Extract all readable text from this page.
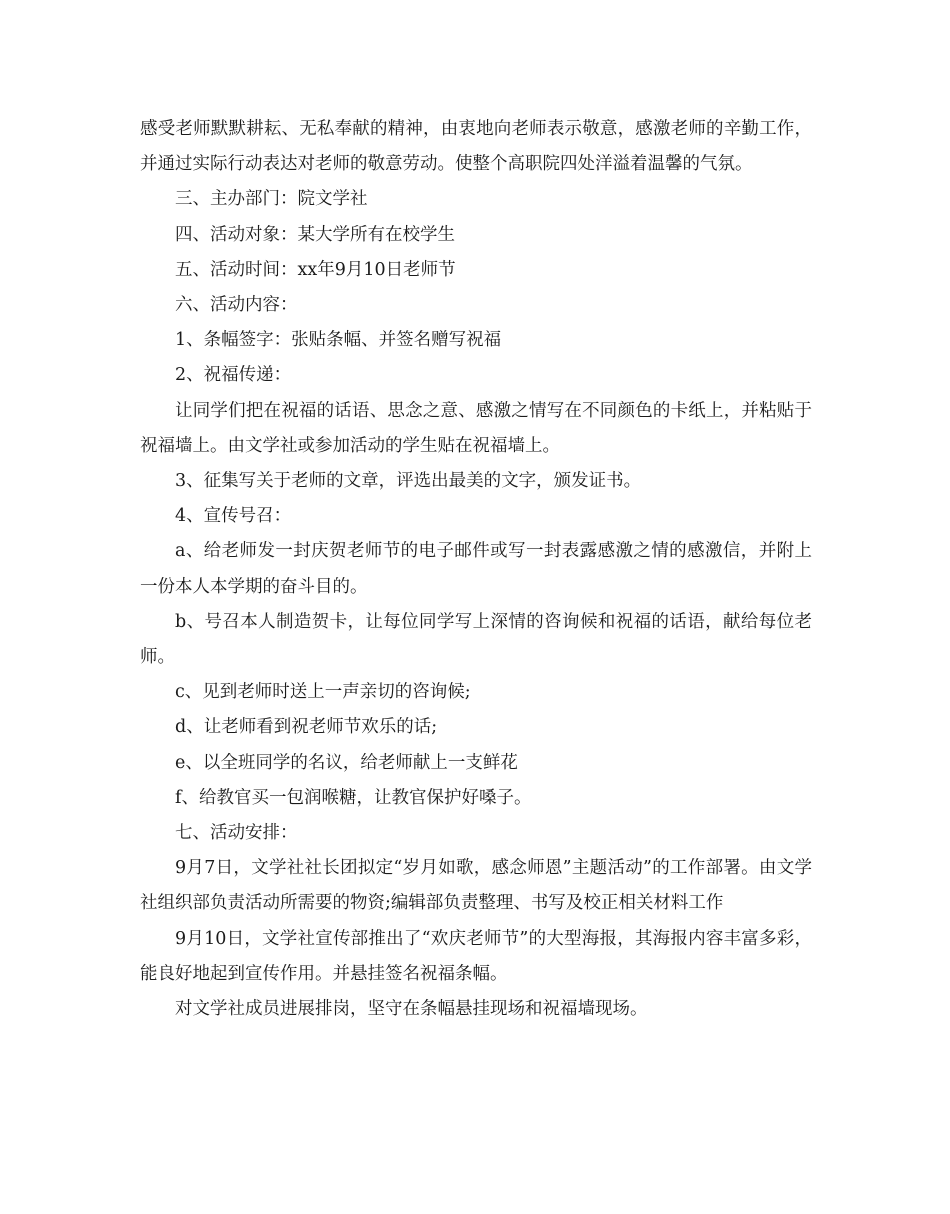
感受老师默默耕耘、无私奉献的精神，由衷地向老师表示敬意，感激老师的辛勤工作，并通过实际行动表达对老师的敬意劳动。使整个高职院四处洋溢着温馨的气氛。

三、主办部门：院文学社

四、活动对象：某大学所有在校学生

五、活动时间：xx年9月10日老师节

六、活动内容：

1、条幅签字：张贴条幅、并签名赠写祝福

2、祝福传递：

让同学们把在祝福的话语、思念之意、感激之情写在不同颜色的卡纸上，并粘贴于祝福墙上。由文学社或参加活动的学生贴在祝福墙上。

3、征集写关于老师的文章，评选出最美的文字，颁发证书。

4、宣传号召：

a、给老师发一封庆贺老师节的电子邮件或写一封表露感激之情的感激信，并附上一份本人本学期的奋斗目的。

b、号召本人制造贺卡，让每位同学写上深情的咨询候和祝福的话语，献给每位老师。

c、见到老师时送上一声亲切的咨询候;

d、让老师看到祝老师节欢乐的话;

e、以全班同学的名议，给老师献上一支鲜花

f、给教官买一包润喉糖，让教官保护好嗓子。

七、活动安排：

9月7日，文学社社长团拟定“岁月如歌，感念师恩”主题活动”的工作部署。由文学社组织部负责活动所需要的物资;编辑部负责整理、书写及校正相关材料工作

9月10日，文学社宣传部推出了“欢庆老师节”的大型海报，其海报内容丰富多彩，能良好地起到宣传作用。并悬挂签名祝福条幅。

对文学社成员进展排岗，坚守在条幅悬挂现场和祝福墙现场。
